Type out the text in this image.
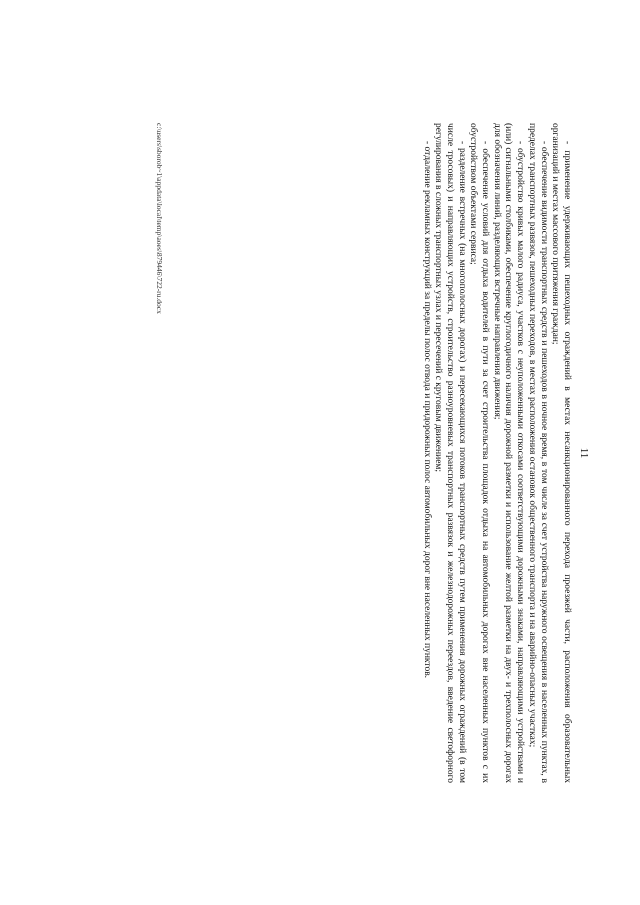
11

- применение удерживающих пешеходных ограждений в местах несанкционированного перехода проезжей части, расположения образовательных организаций и местах массового притяжения граждан;

- обеспечение видимости транспортных средств и пешеходов в ночное время, в том числе за счет устройства наружного освещения в населенных пунктах, в пределах транспортных развязок, пешеходных переходов, в местах расположения остановок общественного транспорта и на аварийно-опасных участках;

- обустройство кривых малого радиуса, участков с неуположенными откосами соответствующими дорожными знаками, направляющими устройствами и (или) сигнальными столбиками, обеспечение круглогодичного наличия дорожной разметки и использование желтой разметки на двух- и трехполосных дорогах для обозначения линий, разделяющих встречные направления движения;

- обеспечение условий для отдыха водителей в пути за счет строительства площадок отдыха на автомобильных дорогах вне населенных пунктов с их обустройством объектами сервиса;

- разделение встречных (на многополосных дорогах) и пересекающихся потоков транспортных средств путем применения дорожных ограждений (в том числе тросовых) и направляющих устройств, строительство разноуровневых транспортных развязок и железнодорожных переездов, введение светофорного регулирования в сложных транспортных узлах и пересечений с круговым движением;

- отдаление рекламных конструкций за пределы полос отвода и придорожных полос автомобильных дорог вне населенных пунктов.

c:\users\sborob~1\appdata\local\temp\aoes\879446\722-ru.docx
